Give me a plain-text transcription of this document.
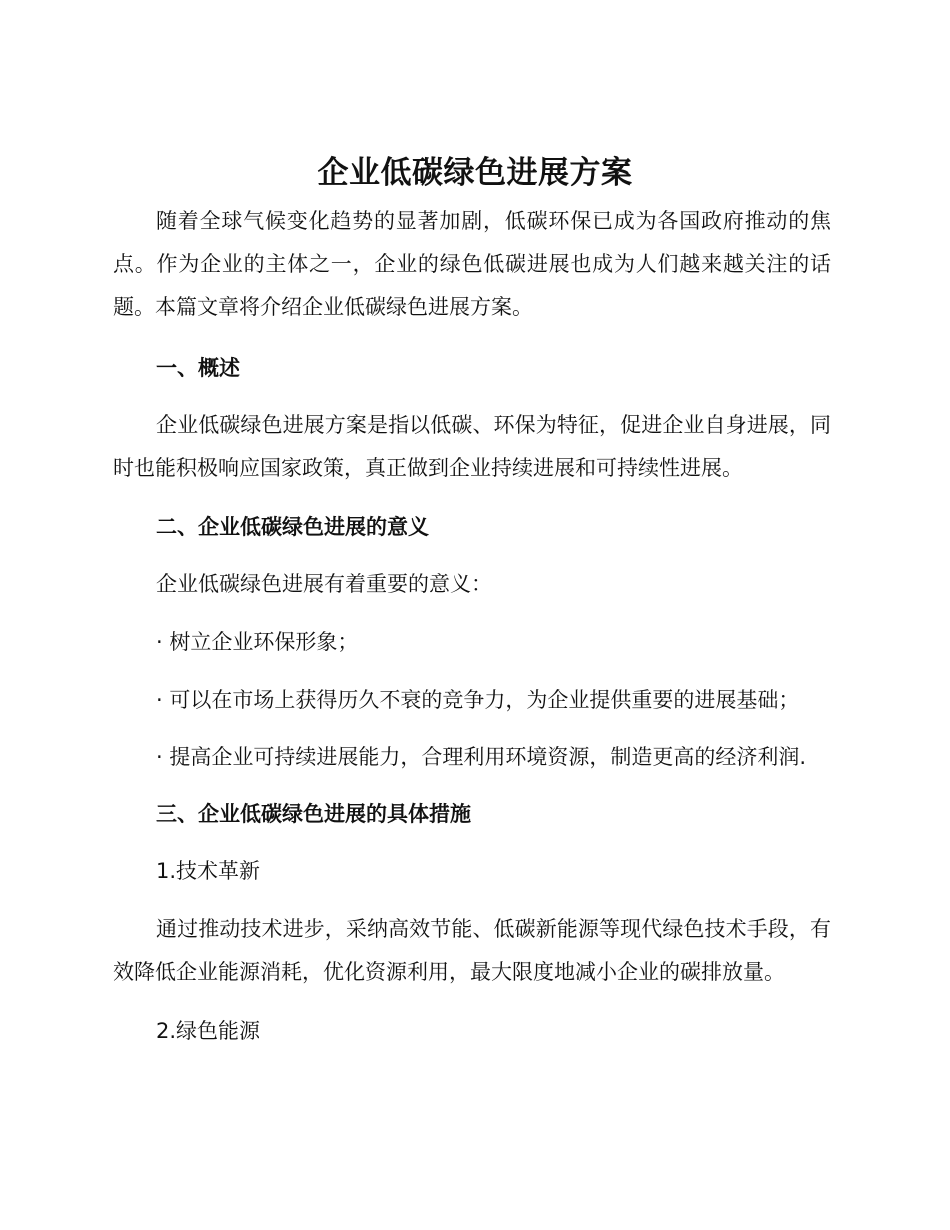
企业低碳绿色进展方案

随着全球气候变化趋势的显著加剧，低碳环保已成为各国政府推动的焦点。作为企业的主体之一，企业的绿色低碳进展也成为人们越来越关注的话题。本篇文章将介绍企业低碳绿色进展方案。

一、概述

企业低碳绿色进展方案是指以低碳、环保为特征，促进企业自身进展，同时也能积极响应国家政策，真正做到企业持续进展和可持续性进展。

二、企业低碳绿色进展的意义

企业低碳绿色进展有着重要的意义：

· 树立企业环保形象；

· 可以在市场上获得历久不衰的竞争力，为企业提供重要的进展基础；

· 提高企业可持续进展能力，合理利用环境资源，制造更高的经济利润.

三、企业低碳绿色进展的具体措施

1.技术革新

通过推动技术进步，采纳高效节能、低碳新能源等现代绿色技术手段，有效降低企业能源消耗，优化资源利用，最大限度地减小企业的碳排放量。

2.绿色能源
